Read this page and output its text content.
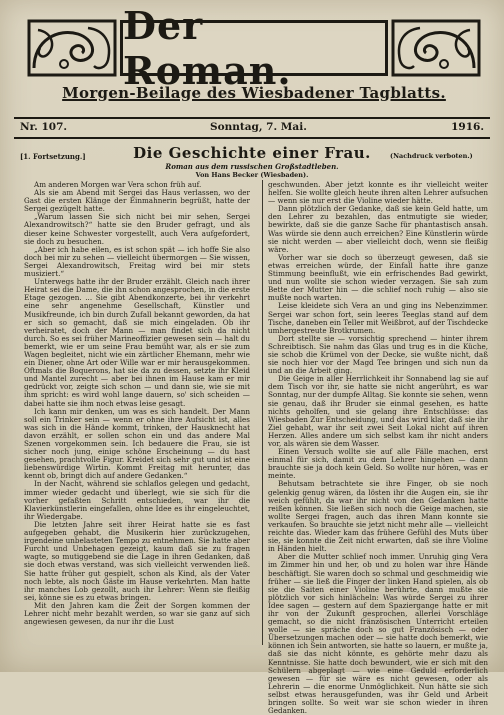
Der Roman.
Morgen-Beilage des Wiesbadener Tagblatts.
Nr. 107.	Sonntag, 7. Mai.	1916.
[1. Fortsetzung.]	Die Geschichte einer Frau.	(Nachdruck verboten.)
Roman aus dem russischen Großstadtleben.
Von Hans Becker (Wiesbaden).

Am anderen Morgen war Vera schon früh auf.

Als sie am Abend mit Sergei das Haus verlassen, wo der Gast die ersten Klänge der Einmahnerin begrüßt, hatte der Sergei gezügelt hatte.

„Warum lassen Sie sich nicht bei mir sehen, Sergei Alexandrowitsch?“ hatte sie den Bruder gefragt, und als dieser keine Schwester vorgestellt, auch Vera aufgefordert, sie doch zu besuchen.

„Aber ich habe eilen, es ist schon spät — ich hoffe Sie also doch bei mir zu sehen — vielleicht übermorgen — Sie wissen, Sergei Alexandrowitsch, Freitag wird bei mir stets musiziert.“

Unterwegs hatte ihr der Bruder erzählt. Gleich nach ihrer Heirat sei die Dame, die ihn schon angesprochen, in die erste Etage gezogen. ... Sie gibt Abendkonzerte, bei ihr verkehrt eine sehr angenehme Gesellschaft, Künstler und Musikfreunde, ich bin durch Zufall bekannt geworden, da hat er sich so gemacht, daß sie mich eingeladen. Ob ihr verheiratet, doch der Mann — man findet sich da nicht durch. So es sei früher Marineoffizier gewesen sein — halt du bemerkt, wie er um seine Frau bemüht war, als er sie zum Wagen begleitet, nicht wie ein zärtlicher Ehemann, mehr wie ein Diener, ohne Art oder Wille war er mir herausgekommen. Oftmals die Boquerons, hat sie da zu dessen, setzte ihr Kleid und Mantel zurecht — aber bei ihnen im Hause kam er mir gedrückt vor, zeigte sich schon — und dann sie, wie sie mit ihm spricht: es wird wohl lange dauern, so' sich scheiden — dabei hatte sie ihm noch etwas leise gesagt.

Ich kann mir denken, um was es sich handelt. Der Mann soll ein Trinker sein — wenn er ohne ihre Aufsicht ist, alles was sich in die Hände kommt, trinken, der Hausknecht hat davon erzählt, er sollen schon ein und das andere Mal Szenen vorgekommen sein. Ich bedauere die Frau, sie ist sicher noch jung, einige schöne Erscheinung — du hast gesehen, prachtvolle Figur. Kreidet sich sehr gut und ist eine liebenswürdige Wirtin. Kommt Freitag mit herunter, das kennt ob, bringt dich auf andere Gedanken.“

In der Nacht, während sie schlaflos gelegen und gedacht, immer wieder gedacht und überlegt, wie sie sich für die vorher gefaßten Schritt entschieden, war ihr die Klavierkünstlerin eingefallen, ohne Idee es ihr eingeleuchtet, ihr Wiedergabe.

Die letzten Jahre seit ihrer Heirat hatte sie es fast aufgegeben gehabt, die Musikerin hier zurückzugehen, irgendeine unbelasteten Tempo zu entnehmen. Sie hatte aber Furcht und Unbehagen gezeigt, kaum daß sie zu fragen wagte, so mutiggebend sie die Lage in ihren Gedanken, daß sie doch etwas verstand, was sich vielleicht verwenden ließ. Sie hatte früher gut gespielt, schon als Kind, als der Vater noch lebte, als noch Gäste im Hause verkehrten. Man hatte ihr manches Lob gezollt, auch ihr Lehrer: Wenn sie fleißig sei, könne sie es zu etwas bringen.

Mit den Jahren kam die Zeit der Sorgen kommen der Lehrer nicht mehr bezahlt werden, so war sie ganz auf sich angewiesen gewesen, da nur ihr die Lust

geschwunden. Aber jetzt konnte es ihr vielleicht weiter helfen. Sie wollte gleich heute ihren alten Lehrer aufsuchen — wenn sie nur erst die Violine wieder hätte.

Dann plötzlich der Gedanke, daß sie kein Geld hatte, um den Lehrer zu bezahlen, das entmutigte sie wieder, bewirkte, daß sie die ganze Sache für phantastisch ansah. Was würde sie denn auch erreichen? Eine Künstlerin würde sie nicht werden — aber vielleicht doch, wenn sie fleißig wäre.

Vorher war sie doch so überzeugt gewesen, daß sie etwas erreichen würde, der Einfall hatte ihre ganze Stimmung beeinflußt, wie ein erfrischendes Bad gewirkt, und nun wollte sie schon wieder verzagen. Sie sah zum Bette der Mutter hin — die schlief noch ruhig — also sie mußte noch warten.

Leise kleidete sich Vera an und ging ins Nebenzimmer. Sergei war schon fort, sein leeres Teeglas stand auf dem Tische, daneben ein Teller mit Weißbrot, auf der Tischdecke umhergestreute Brotkrumen.

Dort stellte sie — vorsichtig sprechend — hinter ihrem Schreibtisch. Sie nahm das Glas und trug es in die Küche, sie schob die Krümel von der Decke, sie wußte nicht, daß sie noch hier vor der Magd Tee bringen und sich nun da und an die Arbeit ging.

Die Geige in aller Herrlichkeit ihr Sonnabend lag sie auf dem Tisch vor ihr, sie hatte sie nicht angerührt, es war Sonntag, nur der dumpfe Alltag. Sie konnte sie sehen, wenn sie genau, daß ihr Bruder sie einmal gesehen, es hatte nichts geholfen, und sie gelang ihre Entschlüsse: das Wiesbaden Zur Entscheidung, und das wird klar, daß sie ihr Ziel gehabt, war ihr seit zwei Seit Lokal nicht auf ihren Herzen. Alles andere um sich selbst kam ihr nicht anders vor, als wären sie dem Wasser.

Einen Versuch wollte sie auf alle Fälle machen, erst einmal für sich, damit zu dem Lehrer hingehen — dann brauchte sie ja doch kein Geld. So wollte nur hören, was er meinte.

Behutsam betrachtete sie ihre Finger, ob sie noch gelenkig genug wären, da lösten ihr die Augen ein, sie ihr weich gefühlt, da war ihr nicht von den Gedanken hatte reißen können. Sie ließen sich noch die Geige machen, sie wollte Sergei fragen, auch das ihren Mann konnte sie verkaufen. So brauchte sie jetzt nicht mehr alle — vielleicht reichte das. Wieder kam das frühere Gefühl des Muts über sie, sie konnte die Zeit nicht erwarten, daß sie ihre Violine in Händen hielt.

Aber die Mutter schlief noch immer. Unruhig ging Vera im Zimmer hin und her, ob und zu holen war ihre Hände beschäftigt. Sie waren doch so schmal und geschmeidig wie früher — sie ließ die Finger der linken Hand spielen, als ob sie die Saiten einer Violine berührte, dann mußte sie plötzlich vor sich hinlächeln: Was würde Sergei zu ihrer Idee sagen — gestern auf dem Spaziergange hatte er mit ihr von der Zukunft gesprochen, allerlei Vorschläge gemacht, so die nicht fränzösischen Unterricht erteilen wolle — sie spräche doch so gut Französisch — oder Übersetzungen machen oder — sie hatte doch bemerkt, wie können ich Sein antworten, sie hatte so lauern, er mußte ja, daß sie das nicht könnte, es gehörte mehr dazu als Kenntnisse. Sie hatte doch bewundert, wie er sich mit den Schülern abgeplagt — wie eine Geduld erforderlich gewesen — für sie wäre es nicht gewesen, oder als Lehrerin — die enorme Unmöglichkeit. Nun hätte sie sich selbst etwas herausgefunden, was ihr Geld und Arbeit bringen sollte. So weit war sie schon wieder in ihren Gedanken.
